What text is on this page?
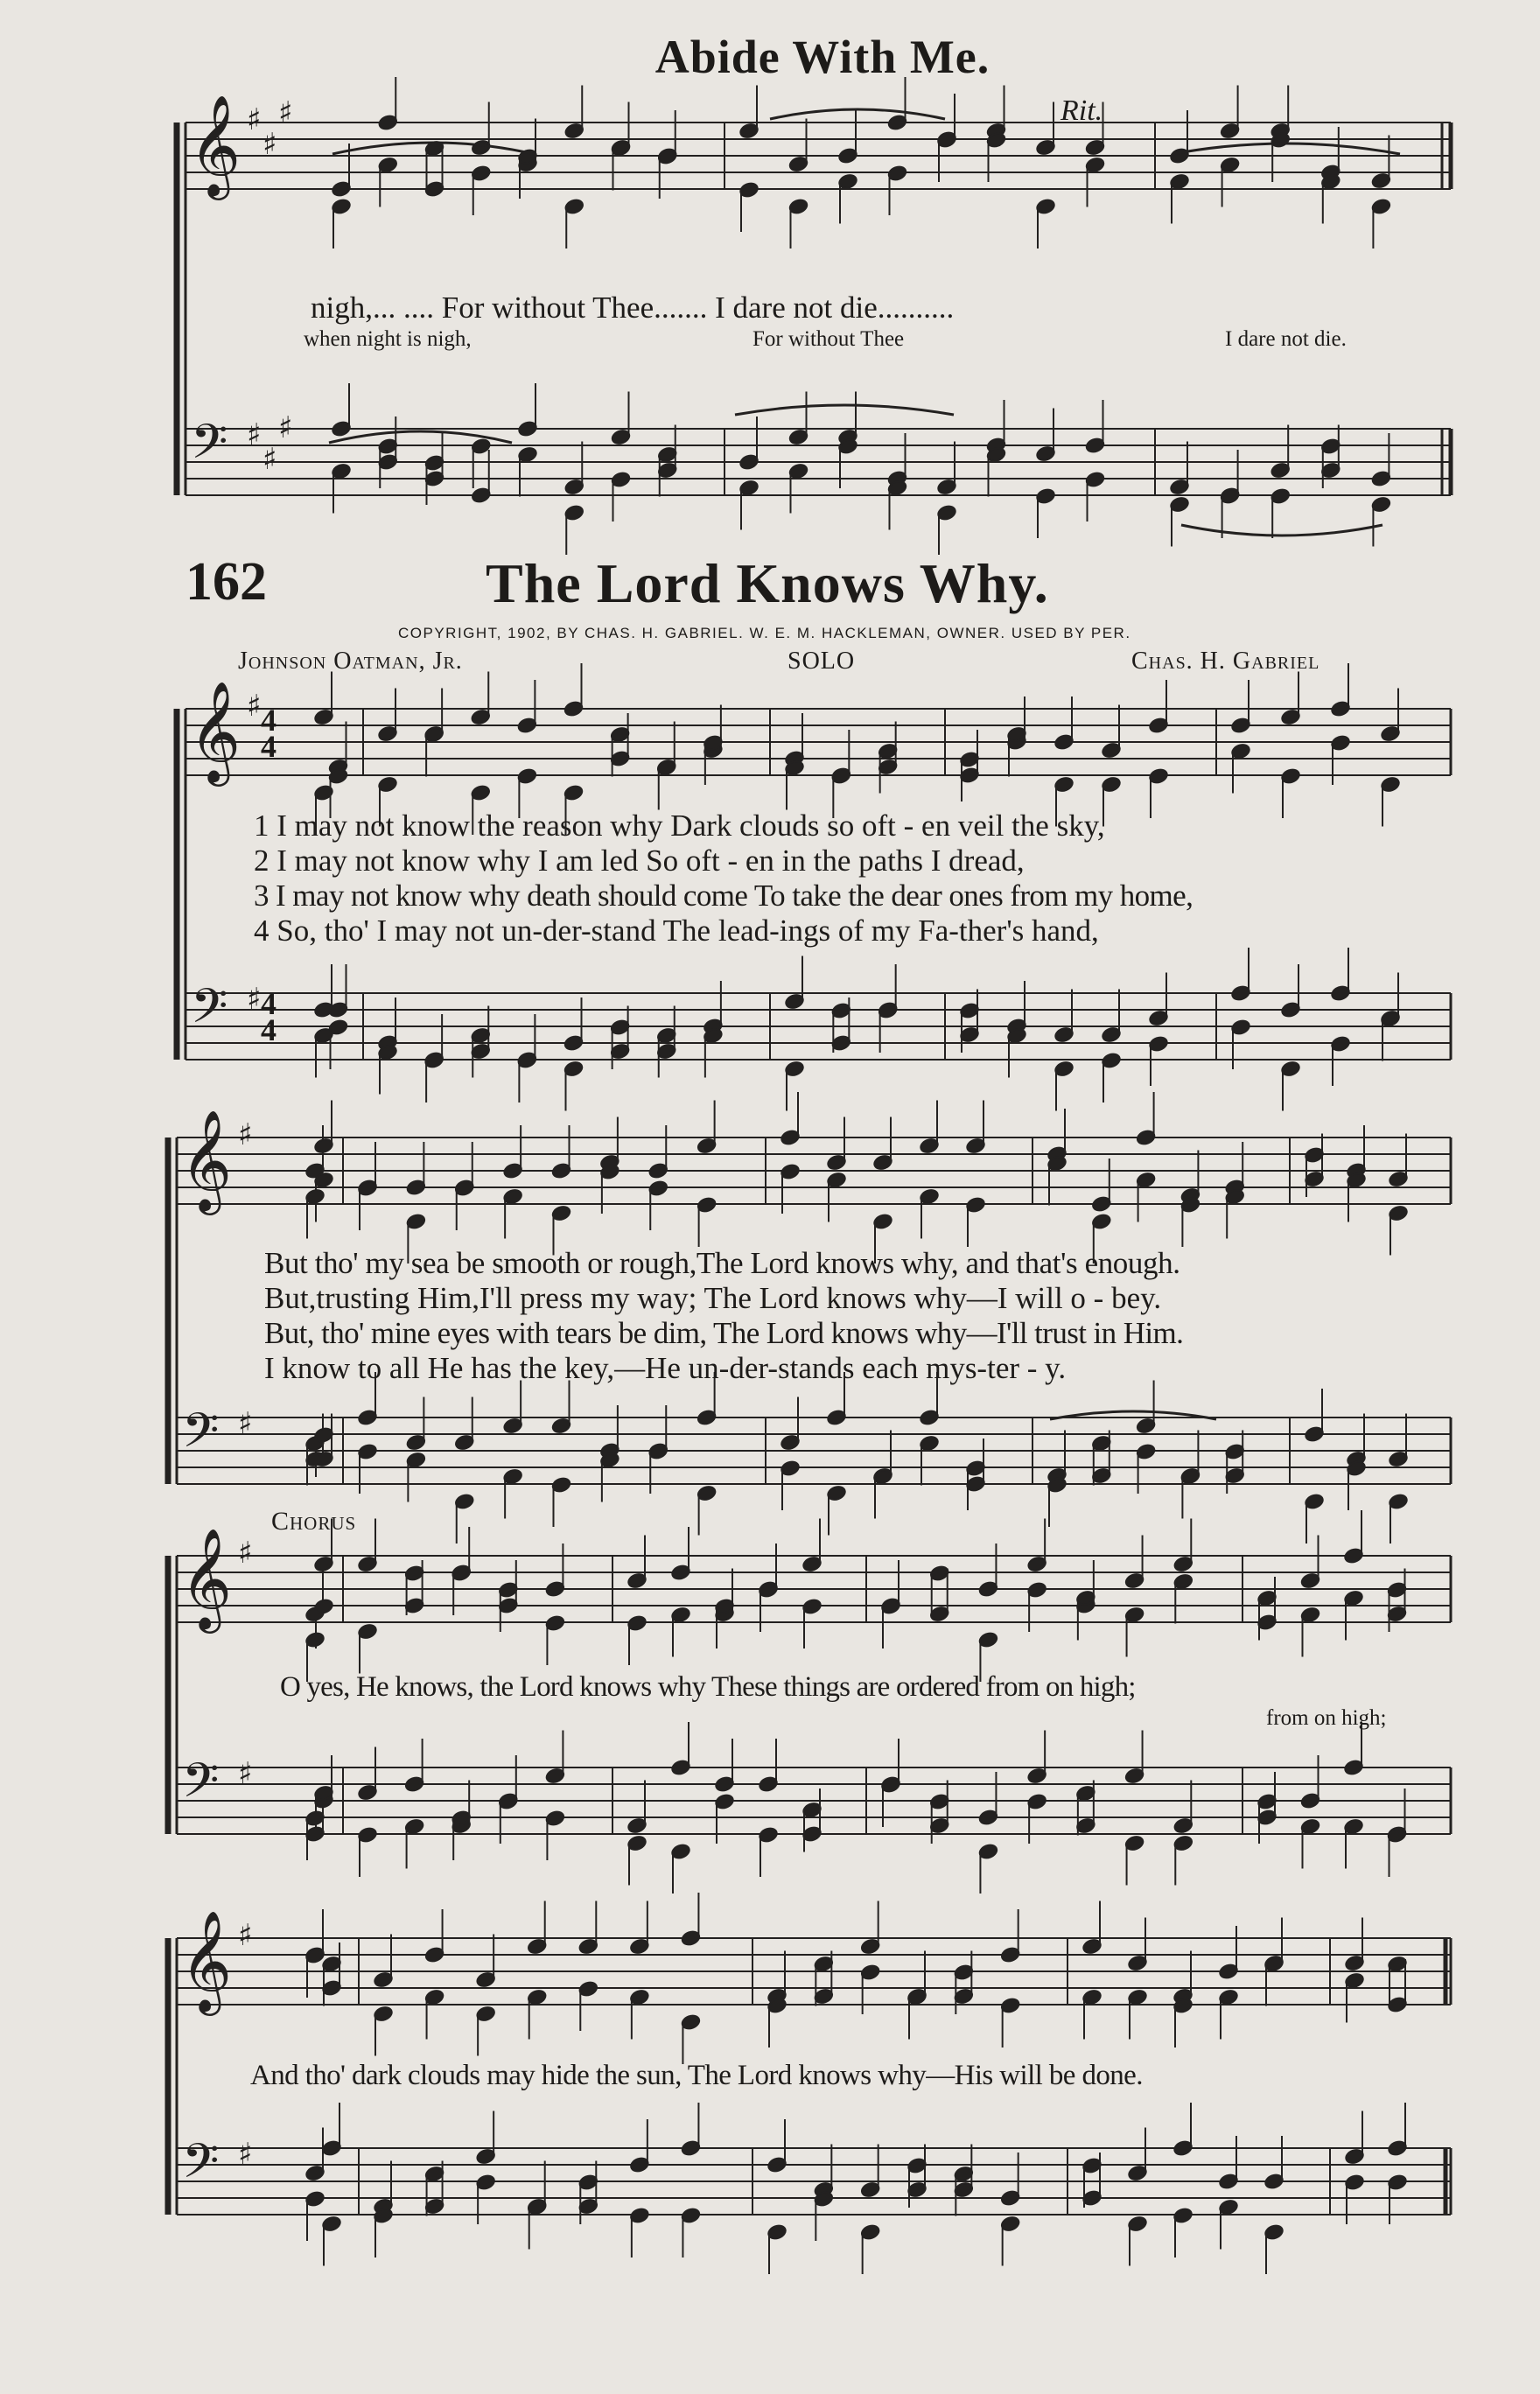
𝄞
𝄢
♯
♯
♯
♯
♯
♯
𝄞
𝄢
♯
♯
𝄞
𝄢
♯
♯
𝄞
𝄢
♯
♯
𝄞
𝄢
♯
♯
Abide With Me.
Rit.
nigh,... .... For without Thee....... I dare not die..........
when night is nigh,	For without Thee	I dare not die.
162	The Lord Knows Why.
COPYRIGHT, 1902, BY CHAS. H. GABRIEL. W. E. M. HACKLEMAN, OWNER. USED BY PER.
Johnson Oatman, Jr.	SOLO	Chas. H. Gabriel
4
4
4
4
1 I may not know the reason why Dark clouds so oft - en veil the sky,
2 I may not know why I am led So oft - en in the paths I dread,
3 I may not know why death should come To take the dear ones from my home,
4 So, tho' I may not un-der-stand The lead-ings of my Fa-ther's hand,
But tho' my sea be smooth or rough,The Lord knows why, and that's enough.
But,trusting Him,I'll press my way; The Lord knows why—I will o - bey.
But, tho' mine eyes with tears be dim, The Lord knows why—I'll trust in Him.
I know to all He has the key,—He un-der-stands each mys-ter - y.
Chorus
O yes, He knows, the Lord knows why These things are ordered from on high;
from on high;
And tho' dark clouds may hide the sun, The Lord knows why—His will be done.
